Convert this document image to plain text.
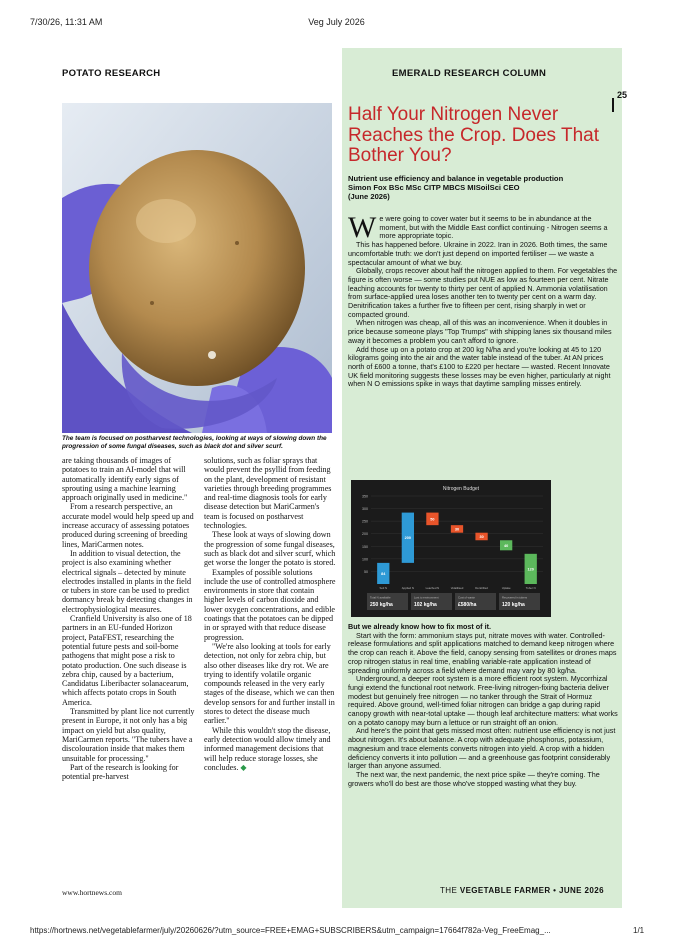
7/30/26, 11:31 AM	Veg July 2026
POTATO RESEARCH
The team is focused on postharvest technologies, looking at ways of slowing down the progression of some fungal diseases, such as black dot and silver scurf.

are taking thousands of images of potatoes to train an AI-model that will automatically identify early signs of sprouting using a machine learning approach originally used in medicine."

From a research perspective, an accurate model would help speed up and increase accuracy of assessing potatoes produced during screening of breeding lines, MariCarmen notes.

In addition to visual detection, the project is also examining whether electrical signals – detected by minute electrodes installed in plants in the field or tubers in store can be used to predict dormancy break by detecting changes in electrophysiological measures.

Cranfield University is also one of 18 partners in an EU-funded Horizon project, PataFEST, researching the potential future pests and soil-borne pathogens that might pose a risk to potato production. One such disease is zebra chip, caused by a bacterium, Candidatus Liberibacter solanacearum, which affects potato crops in South America.

Transmitted by plant lice not currently present in Europe, it not only has a big impact on yield but also quality, MariCarmen reports. "The tubers have a discolouration inside that makes them unsuitable for processing."

Part of the research is looking for potential pre-harvest

solutions, such as foliar sprays that would prevent the psyllid from feeding on the plant, development of resistant varieties through breeding programmes and real-time diagnosis tools for early disease detection but MariCarmen's team is focused on postharvest technologies.

These look at ways of slowing down the progression of some fungal diseases, such as black dot and silver scurf, which get worse the longer the potato is stored.

Examples of possible solutions include the use of controlled atmosphere environments in store that contain higher levels of carbon dioxide and lower oxygen concentrations, and edible coatings that the potatoes can be dipped in or sprayed with that reduce disease progression.

"We're also looking at tools for early detection, not only for zebra chip, but also other diseases like dry rot. We are trying to identify volatile organic compounds released in the very early stages of the disease, which we can then develop sensors for and further install in stores to detect the disease much earlier."

While this wouldn't stop the disease, early detection would allow timely and informed management decisions that will help reduce storage losses, she concludes. ◆

www.hortnews.com
EMERALD RESEARCH COLUMN
Half Your Nitrogen Never Reaches the Crop. Does That Bother You?
Nutrient use efficiency and balance in vegetable production
Simon Fox BSc MSc CITP MBCS MISoilSci CEO
(June 2026)

We were going to cover water but it seems to be in abundance at the moment, but with the Middle East conflict continuing - Nitrogen seems a more appropriate topic.

This has happened before. Ukraine in 2022. Iran in 2026. Both times, the same uncomfortable truth: we don't just depend on imported fertiliser — we waste a spectacular amount of what we buy.

Globally, crops recover about half the nitrogen applied to them. For vegetables the figure is often worse — some studies put NUE as low as fourteen per cent. Nitrate leaching accounts for twenty to thirty per cent of applied N. Ammonia volatilisation from surface-applied urea loses another ten to twenty per cent on a warm day. Denitrification takes a further five to fifteen per cent, rising sharply in wet or compacted ground.

When nitrogen was cheap, all of this was an inconvenience. When it doubles in price because someone plays "Top Trumps" with shipping lanes six thousand miles away it becomes a problem you can't afford to ignore.

Add those up on a potato crop at 200 kg N/ha and you're looking at 45 to 120 kilograms going into the air and the water table instead of the tuber. At AN prices north of £600 a tonne, that's £100 to £220 per hectare — wasted. Recent Innovate UK field monitoring suggests these losses may be even higher, particularly at night when N O emissions spike in ways that daytime sampling misses entirely.

Nitrogen Budget
50
100
150
200
250
300
350
84
200
50
30
30
40
120
Soil N	Applied N	Leached N	Volatilised	Denitrified	Uptake	Tuber N
Total N available
250 kg/ha
Lost to environment
102 kg/ha
Cost of waste
£580/ha
Recovered in tubers
120 kg/ha

But we already know how to fix most of it.

Start with the form: ammonium stays put, nitrate moves with water. Controlled-release formulations and split applications matched to demand keep nitrogen where the crop can reach it. Above the field, canopy sensing from satellites or drones maps crop nitrogen status in real time, enabling variable-rate application instead of spreading uniformly across a field where demand may vary by 80 kg/ha.

Underground, a deeper root system is a more efficient root system. Mycorrhizal fungi extend the functional root network. Free-living nitrogen-fixing bacteria deliver modest but genuinely free nitrogen — no tanker through the Strait of Hormuz required. Above ground, well-timed foliar nitrogen can bridge a gap during rapid canopy growth with near-total uptake — though leaf architecture matters: what works on a potato canopy may burn a lettuce or run straight off an onion.

And here's the point that gets missed most often: nutrient use efficiency is not just about nitrogen. It's about balance. A crop with adequate phosphorus, potassium, magnesium and trace elements converts nitrogen into yield. A crop with a hidden deficiency converts it into pollution — and a greenhouse gas footprint considerably larger than anyone assumed.

The next war, the next pandemic, the next price spike — they're coming. The growers who'll do best are those who've stopped wasting what they buy.

THE VEGETABLE FARMER • JUNE 2026
25
https://hortnews.net/vegetablefarmer/july/20260626/?utm_source=FREE+EMAG+SUBSCRIBERS&utm_campaign=17664f782a-Veg_FreeEmag_...	1/1
